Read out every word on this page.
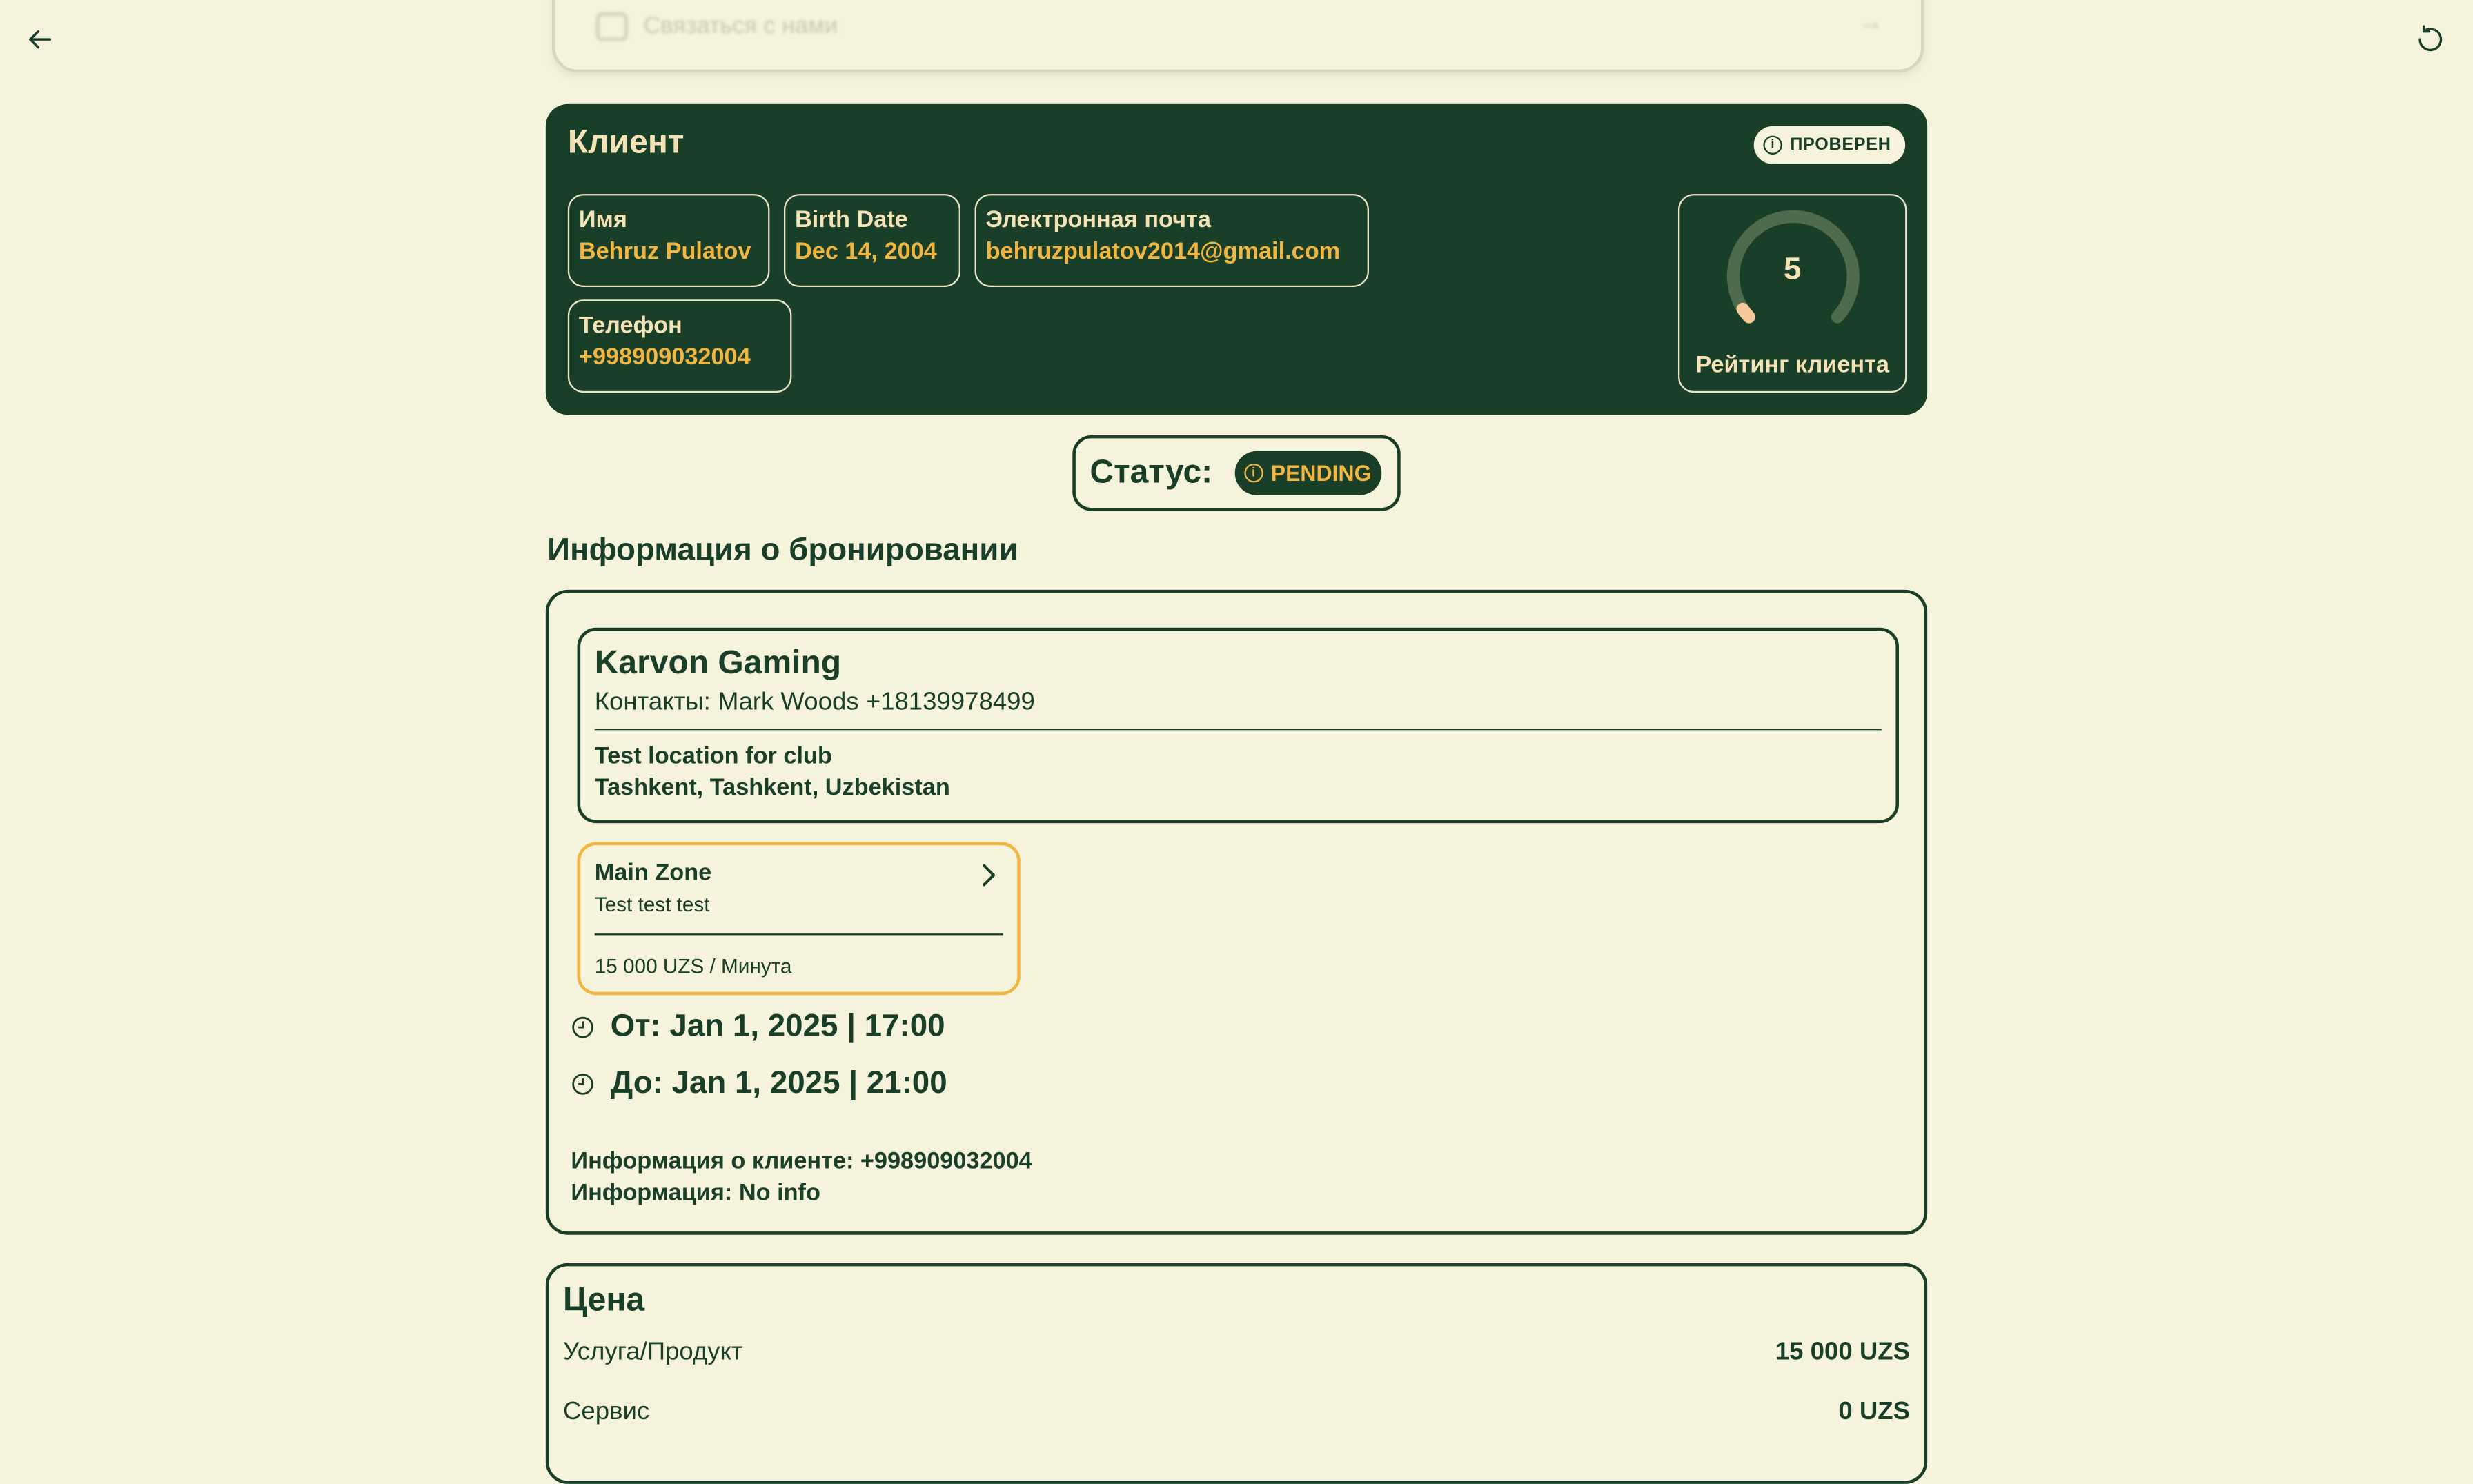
Связаться с нами	→
Клиент	i	ПРОВЕРЕН
Имя
Behruz Pulatov
Birth Date
Dec 14, 2004
Электронная почта
behruzpulatov2014@gmail.com
Телефон
+998909032004
5
Рейтинг клиента
Статус:	i	PENDING
Информация о бронировании
Karvon Gaming
Контакты: Mark Woods +18139978499
Test location for club
Tashkent, Tashkent, Uzbekistan
Main Zone
Test test test
15 000 UZS / Минута
От: Jan 1, 2025 | 17:00
До: Jan 1, 2025 | 21:00
Информация о клиенте: +998909032004
Информация: No info
Цена
Услуга/Продукт	15 000 UZS
Сервис	0 UZS
